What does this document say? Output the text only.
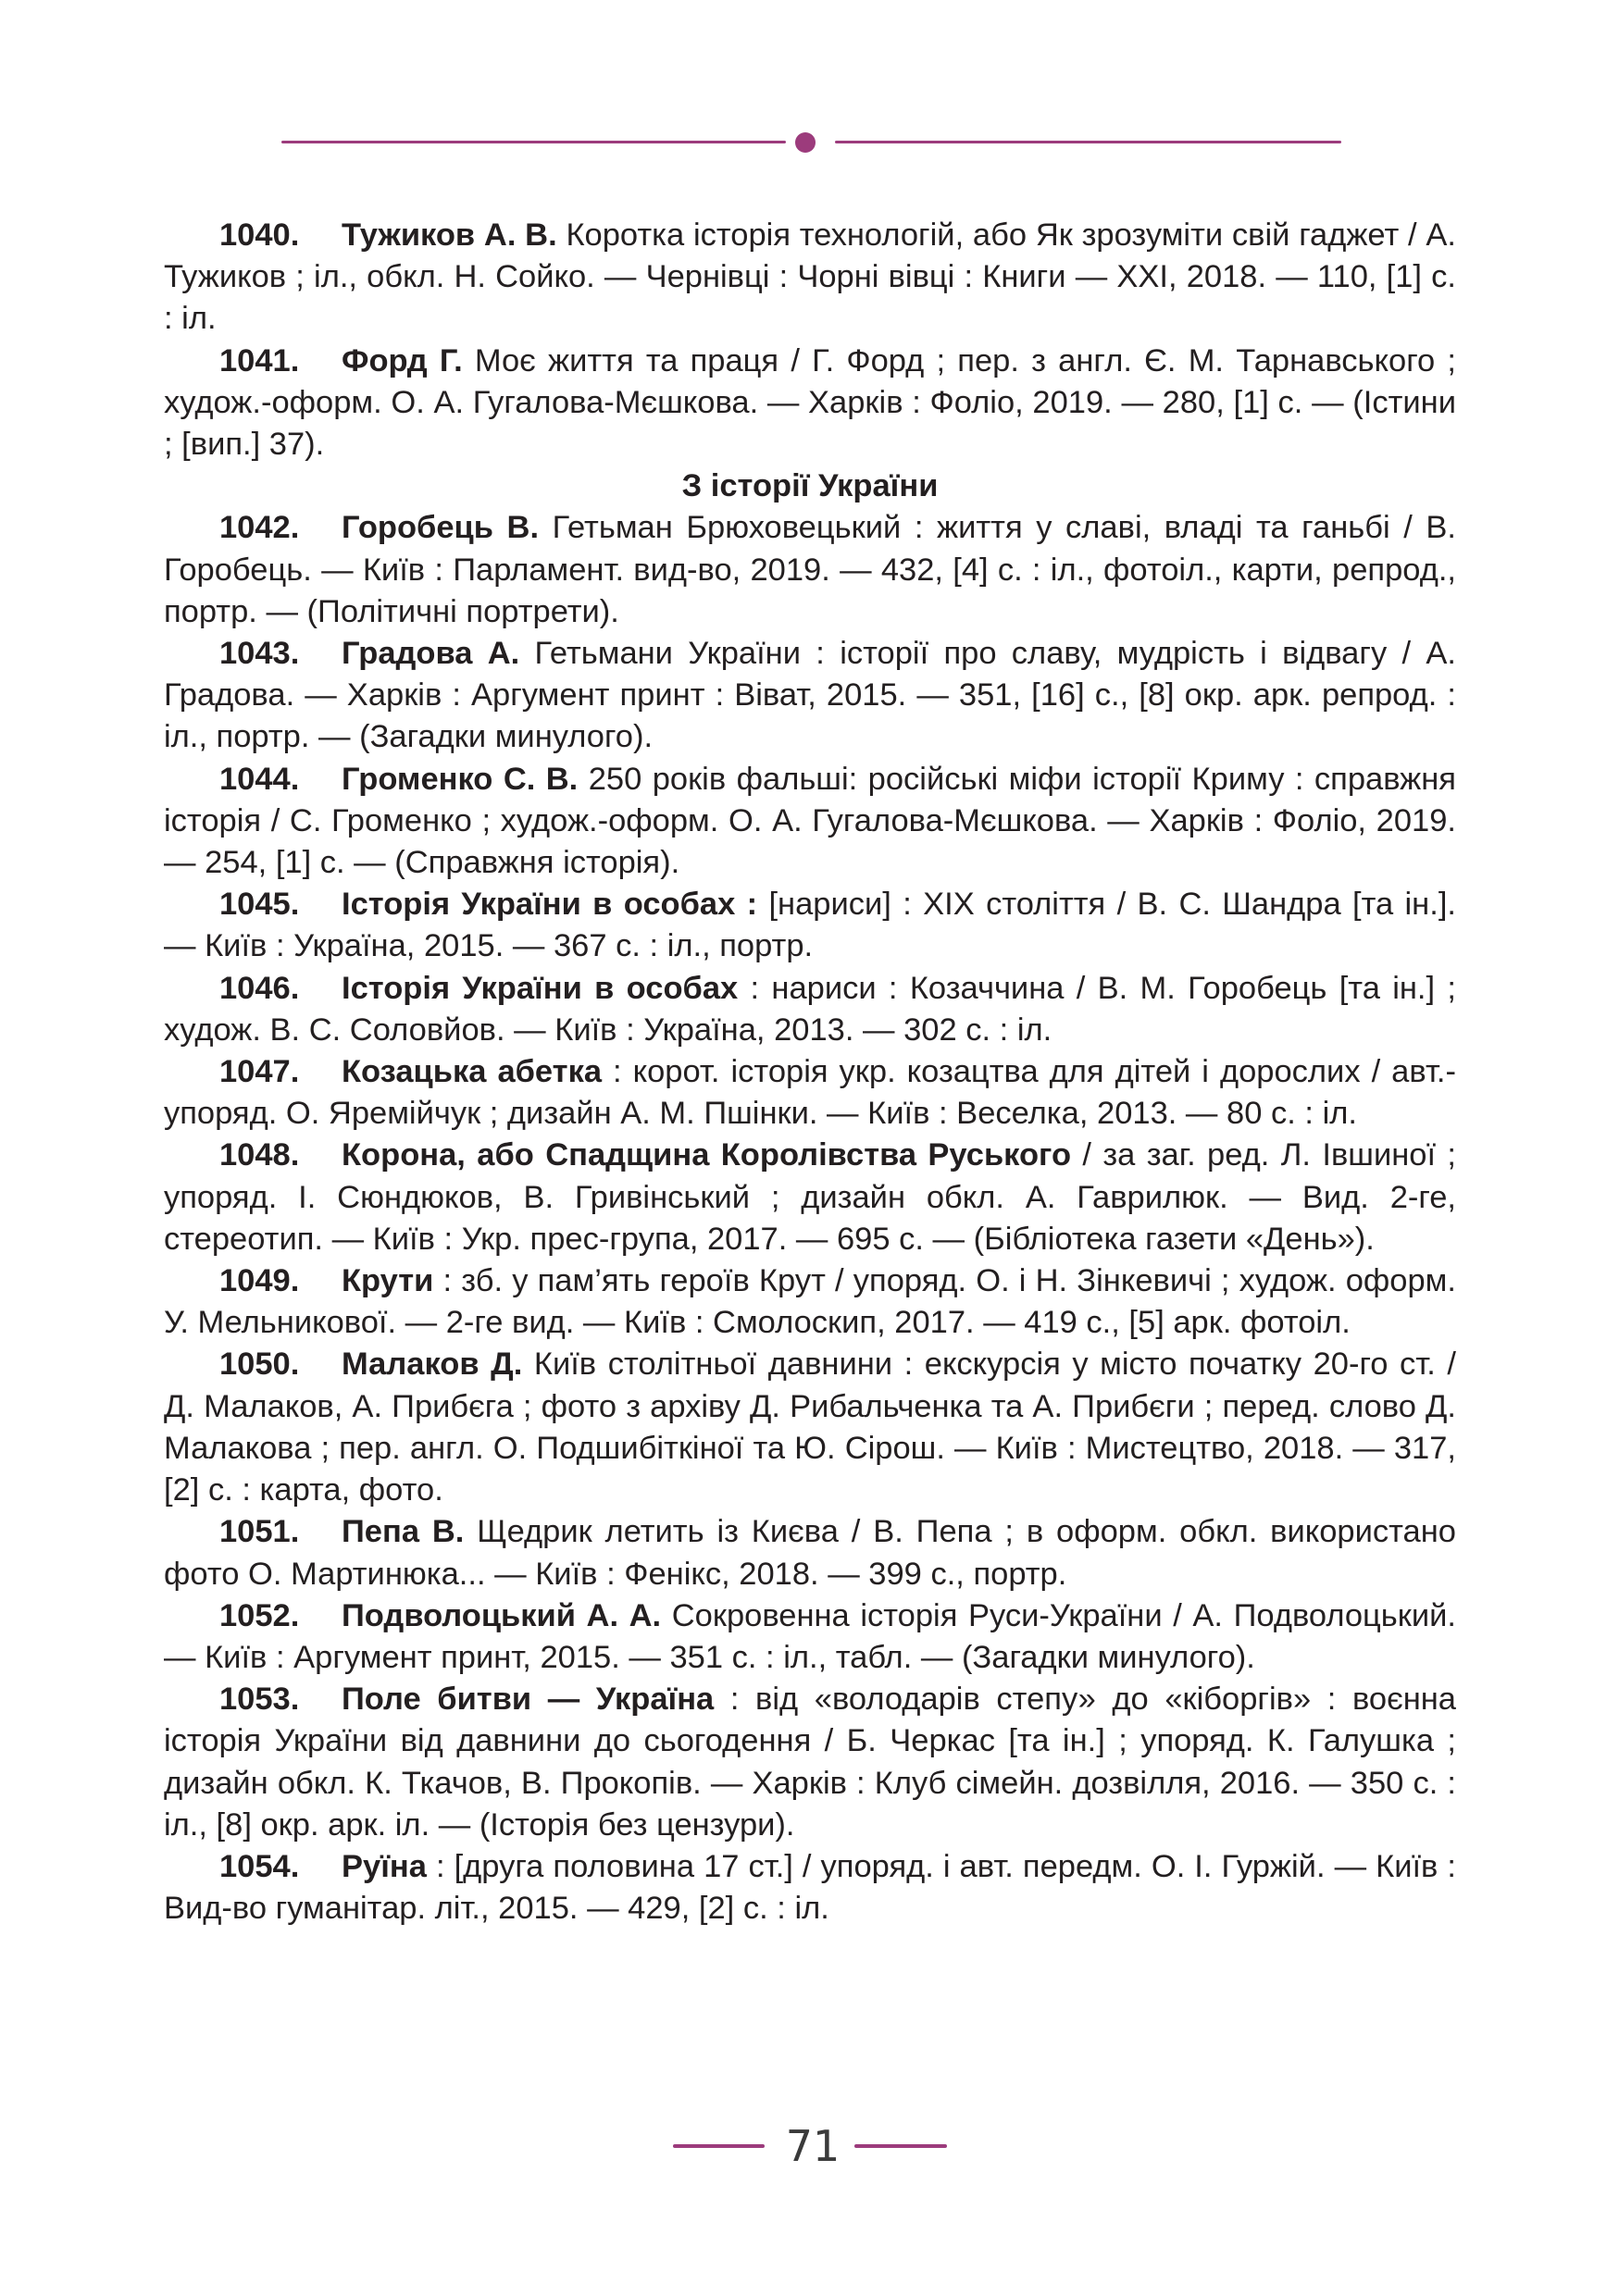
1040. Тужиков А. В. Коротка історія технологій, або Як зрозуміти свій гаджет / А. Тужиков ; іл., обкл. Н. Сойко. — Чернівці : Чорні вівці : Книги — XXI, 2018. — 110, [1] с. : іл.

1041. Форд Г. Моє життя та праця / Г. Форд ; пер. з англ. Є. М. Тарнавського ; худож.-оформ. О. А. Гугалова-Мєшкова. — Харків : Фоліо, 2019. — 280, [1] с. — (Істини ; [вип.] 37).

З історії України

1042. Горобець В. Гетьман Брюховецький : життя у славі, владі та ганьбі / В. Горобець. — Київ : Парламент. вид-во, 2019. — 432, [4] с. : іл., фотоіл., карти, репрод., портр. — (Політичні портрети).

1043. Градова А. Гетьмани України : історії про славу, мудрість і відвагу / А. Градова. — Харків : Аргумент принт : Віват, 2015. — 351, [16] с., [8] окр. арк. репрод. : іл., портр. — (Загадки минулого).

1044. Громенко С. В. 250 років фальші: російські міфи історії Криму : справжня історія / С. Громенко ; худож.-оформ. О. А. Гугалова-Мєшкова. — Харків : Фоліо, 2019. — 254, [1] с. — (Справжня історія).

1045. Історія України в особах : [нариси] : XIX століття / В. С. Шандра [та ін.]. — Київ : Україна, 2015. — 367 с. : іл., портр.

1046. Історія України в особах : нариси : Козаччина / В. М. Горобець [та ін.] ; худож. В. С. Соловйов. — Київ : Україна, 2013. — 302 с. : іл.

1047. Козацька абетка : корот. історія укр. козацтва для дітей і дорослих / авт.-упоряд. О. Яремійчук ; дизайн А. М. Пшінки. — Київ : Веселка, 2013. — 80 с. : іл.

1048. Корона, або Спадщина Королівства Руського / за заг. ред. Л. Івшиної ; упоряд. І. Сюндюков, В. Гривінський ; дизайн обкл. А. Гаврилюк. — Вид. 2-ге, стереотип. — Київ : Укр. прес-група, 2017. — 695 с. — (Бібліотека газети «День»).

1049. Крути : зб. у пам’ять героїв Крут / упоряд. О. і Н. Зінкевичі ; худож. оформ. У. Мельникової. — 2-ге вид. — Київ : Смолоскип, 2017. — 419 с., [5] арк. фотоіл.

1050. Малаков Д. Київ столітньої давнини : екскурсія у місто початку 20-го ст. / Д. Малаков, А. Прибєга ; фото з архіву Д. Рибальченка та А. Прибєги ; перед. слово Д. Малакова ; пер. англ. О. Подшибіткіної та Ю. Сірош. — Київ : Мистецтво, 2018. — 317, [2] с. : карта, фото.

1051. Пепа В. Щедрик летить із Києва / В. Пепа ; в оформ. обкл. використано фото О. Мартинюка... — Київ : Фенікс, 2018. — 399 с., портр.

1052. Подволоцький А. А. Сокровенна історія Руси-України / А. Подволоцький. — Київ : Аргумент принт, 2015. — 351 с. : іл., табл. — (Загадки минулого).

1053. Поле битви — Україна : від «володарів степу» до «кіборгів» : воєнна історія України від давнини до сьогодення / Б. Черкас [та ін.] ; упоряд. К. Галушка ; дизайн обкл. К. Ткачов, В. Прокопів. — Харків : Клуб сімейн. дозвілля, 2016. — 350 с. : іл., [8] окр. арк. іл. — (Історія без цензури).

1054. Руїна : [друга половина 17 ст.] / упоряд. і авт. передм. О. І. Гуржій. — Київ : Вид-во гуманітар. літ., 2015. — 429, [2] с. : іл.

71
